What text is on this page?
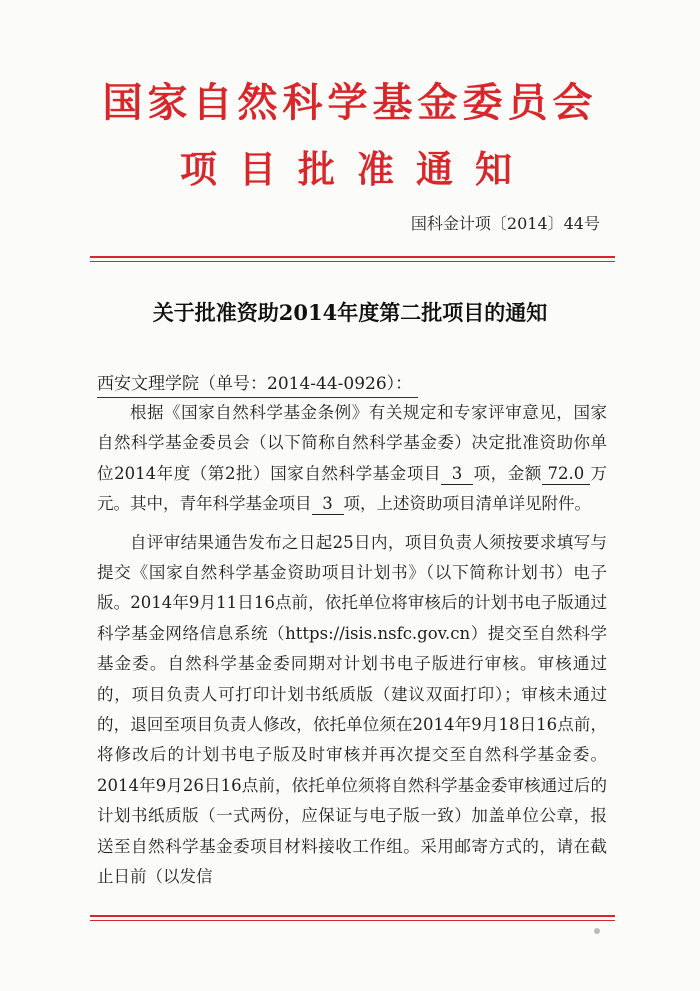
国家自然科学基金委员会
项目批准通知
国科金计项〔2014〕44号
关于批准资助2014年度第二批项目的通知
西安文理学院（单号：2014-44-0926）：

根据《国家自然科学基金条例》有关规定和专家评审意见，国家自然科学基金委员会（以下简称自然科学基金委）决定批准资助你单位2014年度（第2批）国家自然科学基金项目 3 项，金额 72.0 万元。其中，青年科学基金项目 3 项，上述资助项目清单详见附件。

自评审结果通告发布之日起25日内，项目负责人须按要求填写与提交《国家自然科学基金资助项目计划书》（以下简称计划书）电子版。2014年9月11日16点前，依托单位将审核后的计划书电子版通过科学基金网络信息系统（https://isis.nsfc.gov.cn）提交至自然科学基金委。自然科学基金委同期对计划书电子版进行审核。审核通过的，项目负责人可打印计划书纸质版（建议双面打印）；审核未通过的，退回至项目负责人修改，依托单位须在2014年9月18日16点前，将修改后的计划书电子版及时审核并再次提交至自然科学基金委。2014年9月26日16点前，依托单位须将自然科学基金委审核通过后的计划书纸质版（一式两份，应保证与电子版一致）加盖单位公章，报送至自然科学基金委项目材料接收工作组。采用邮寄方式的，请在截止日前（以发信
